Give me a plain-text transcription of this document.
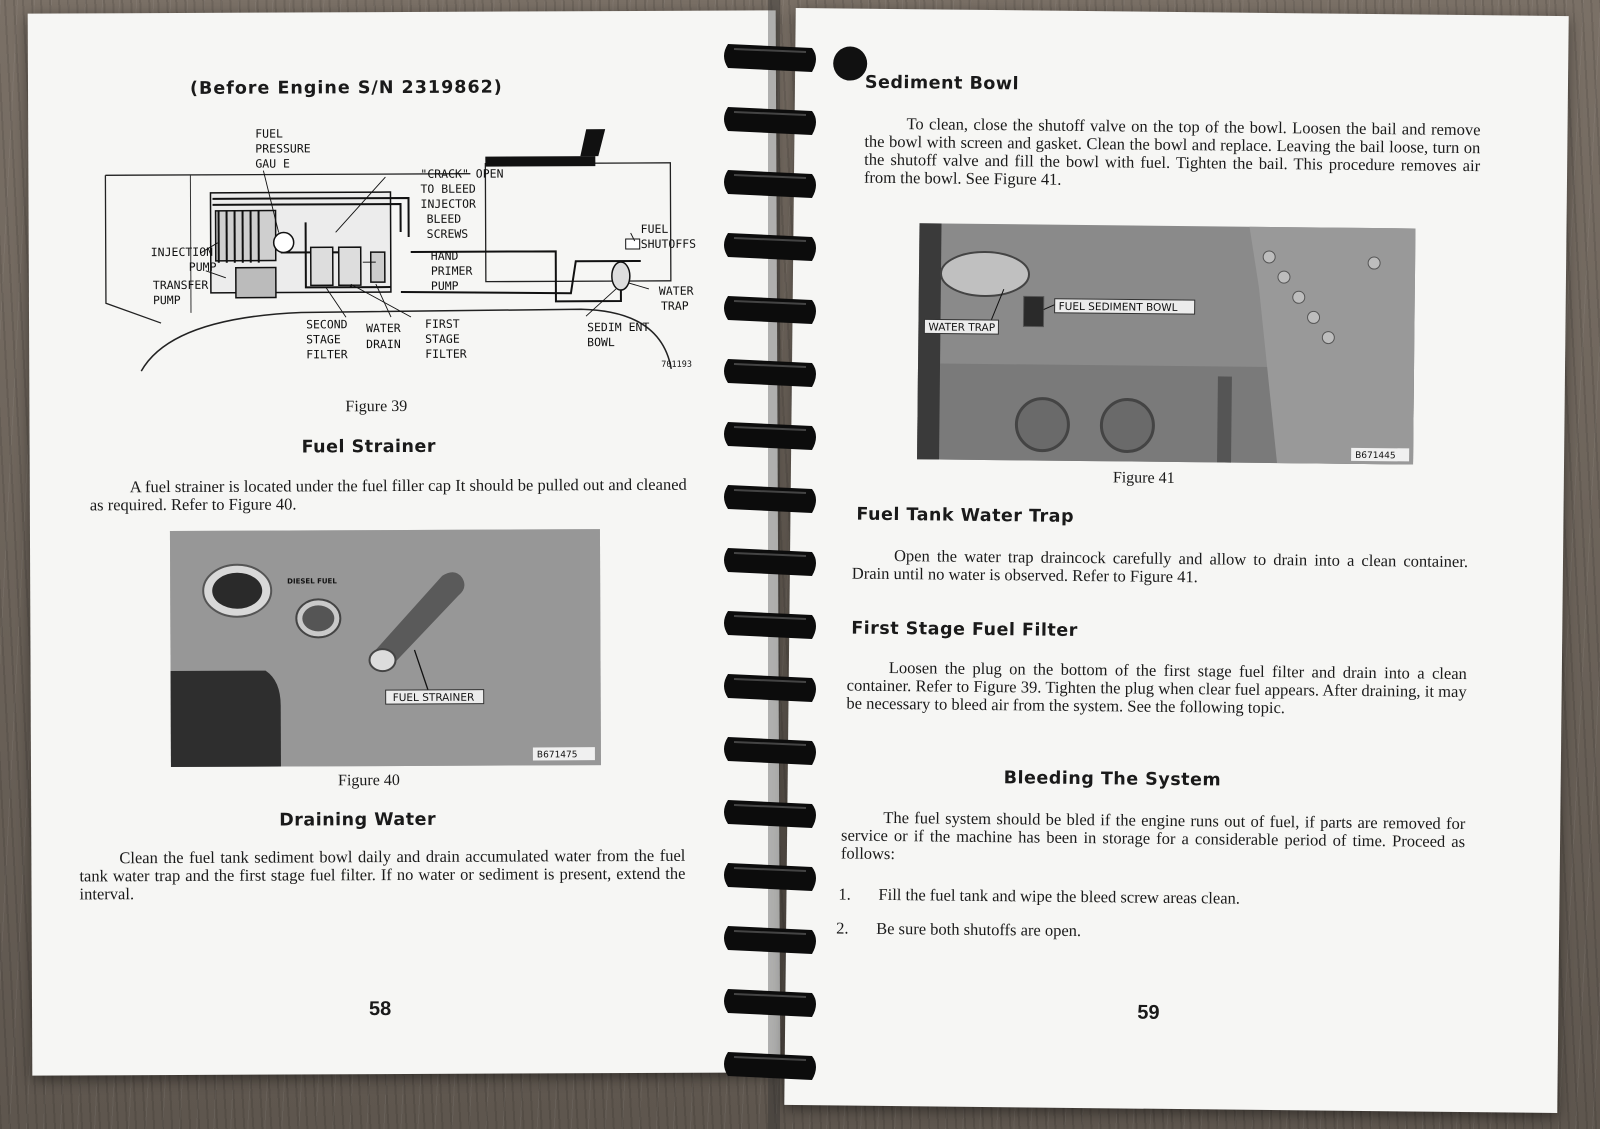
(Before Engine S/N 2319862)
FUEL
PRESSURE
GAU E
"CRACK" OPEN
TO BLEED
INJECTOR
BLEED
SCREWS
INJECTION
PUMP
TRANSFER
PUMP
HAND
PRIMER
PUMP
FUEL
SHUTOFFS
WATER
TRAP
SECOND
STAGE
FILTER
WATER
DRAIN
FIRST
STAGE
FILTER
SEDIM ENT
BOWL
701193
Figure 39
Fuel Strainer
A fuel strainer is located under the fuel filler cap It should be pulled out and cleaned as required. Refer to Figure 40.
FUEL STRAINER
DIESEL FUEL
B671475
Figure 40
Draining Water
Clean the fuel tank sediment bowl daily and drain accumulated water from the fuel tank water trap and the first stage fuel filter. If no water or sediment is present, extend the interval.
58
Sediment Bowl
To clean, close the shutoff valve on the top of the bowl. Loosen the bail and remove the bowl with screen and gasket. Clean the bowl and replace. Leaving the bail loose, turn on the shutoff valve and fill the bowl with fuel. Tighten the bail. This procedure removes air from the bowl. See Figure 41.
WATER TRAP
FUEL SEDIMENT BOWL
B671445
Figure 41
Fuel Tank Water Trap
Open the water trap draincock carefully and allow to drain into a clean container. Drain until no water is observed. Refer to Figure 41.
First Stage Fuel Filter
Loosen the plug on the bottom of the first stage fuel filter and drain into a clean container. Refer to Figure 39. Tighten the plug when clear fuel appears. After draining, it may be necessary to bleed air from the system. See the following topic.
Bleeding The System
The fuel system should be bled if the engine runs out of fuel, if parts are removed for service or if the machine has been in storage for a considerable period of time. Proceed as follows:
1. Fill the fuel tank and wipe the bleed screw areas clean.
2. Be sure both shutoffs are open.
59
